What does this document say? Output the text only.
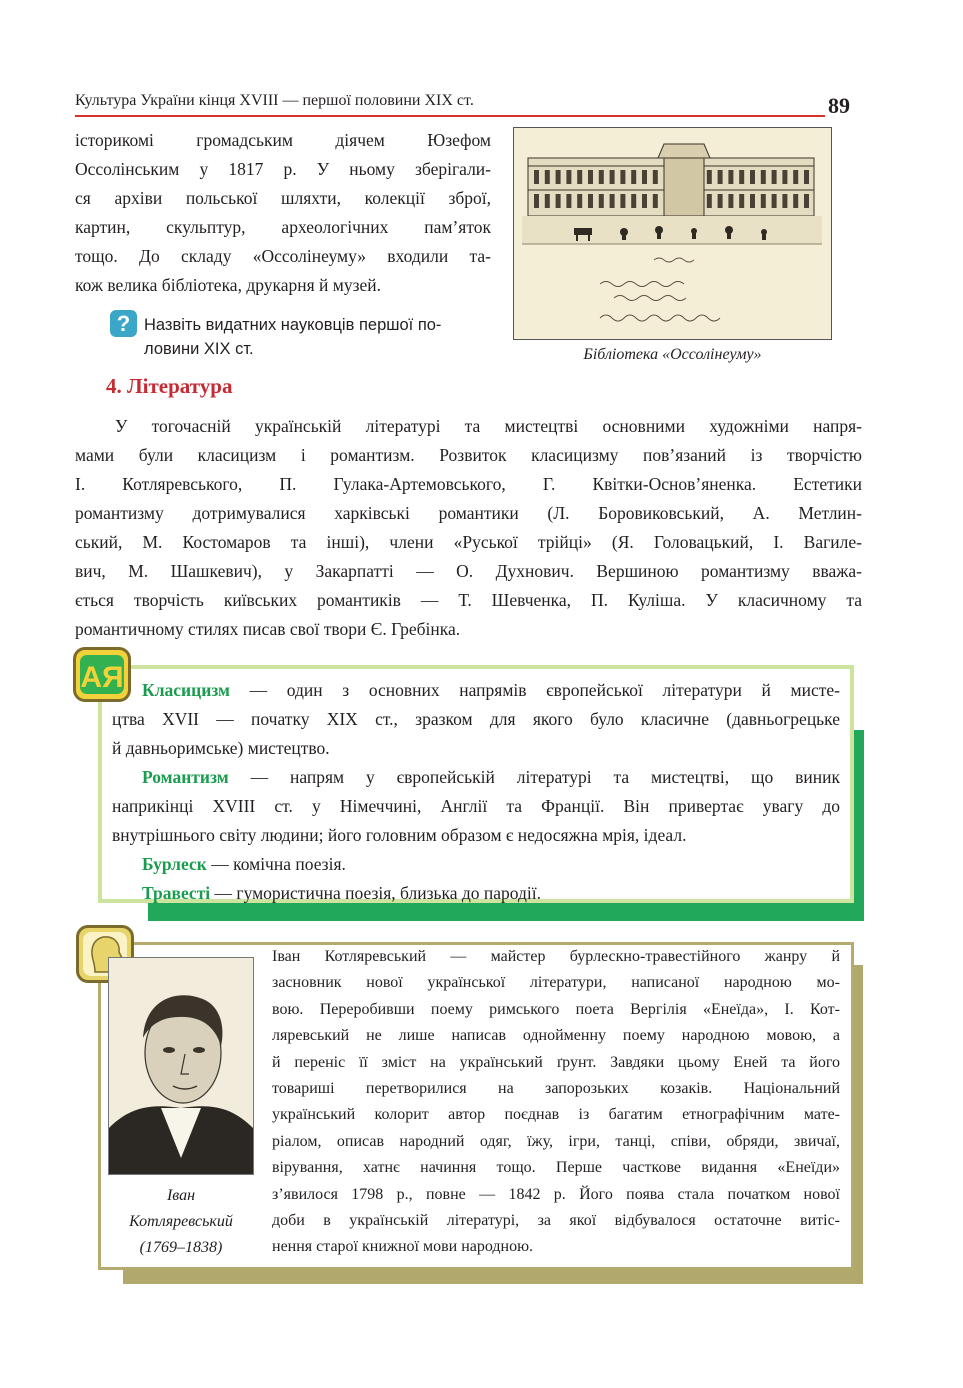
Культура України кінця XVIII — першої половини XIX ст.	89
історикомі громадським діячем Юзефом
Оссолінським у 1817 р. У ньому зберігали-
ся архіви польської шляхти, колекції зброї,
картин, скульптур, археологічних пам’яток
тощо. До складу «Оссолінеуму» входили та-
кож велика бібліотека, друкарня й музей.
? Назвіть видатних науковців першої по-
ловини XIX ст.	Бібліотека «Оссолінеуму»
4. Література
У тогочасній українській літературі та мистецтві основними художніми напря-
мами були класицизм і романтизм. Розвиток класицизму пов’язаний із творчістю
І. Котляревського, П. Гулака-Артемовського, Г. Квітки-Основ’яненка. Естетики
романтизму дотримувалися харківські романтики (Л. Боровиковський, А. Метлин-
ський, М. Костомаров та інші), члени «Руської трійці» (Я. Головацький, І. Вагиле-
вич, М. Шашкевич), у Закарпатті — О. Духнович. Вершиною романтизму вважа-
ється творчість київських романтиків — Т. Шевченка, П. Куліша. У класичному та
романтичному стилях писав свої твори Є. Гребінка.
АЯ	Класицизм — один з основних напрямів європейської літератури й мисте-
цтва XVII — початку XIX ст., зразком для якого було класичне (давньогрецьке
й давньоримське) мистецтво.
Романтизм — напрям у європейській літературі та мистецтві, що виник
наприкінці XVIII ст. у Німеччині, Англії та Франції. Він привертає увагу до
внутрішнього світу людини; його головним образом є недосяжна мрія, ідеал.
Бурлеск — комічна поезія.
Травесті — гумористична поезія, близька до пародії.
Іван
Котляревський
(1769–1838)
Іван Котляревський — майстер бурлескно-травестійного жанру й
засновник нової української літератури, написаної народною мо-
вою. Переробивши поему римського поета Вергілія «Енеїда», І. Кот-
ляревський не лише написав однойменну поему народною мовою, а
й переніс її зміст на український ґрунт. Завдяки цьому Еней та його
товариші перетворилися на запорозьких козаків. Національний
український колорит автор поєднав із багатим етнографічним мате-
ріалом, описав народний одяг, їжу, ігри, танці, співи, обряди, звичаї,
вірування, хатнє начиння тощо. Перше часткове видання «Енеїди»
з’явилося 1798 р., повне — 1842 р. Його поява стала початком нової
доби в українській літературі, за якої відбувалося остаточне витіс-
нення старої книжної мови народною.
